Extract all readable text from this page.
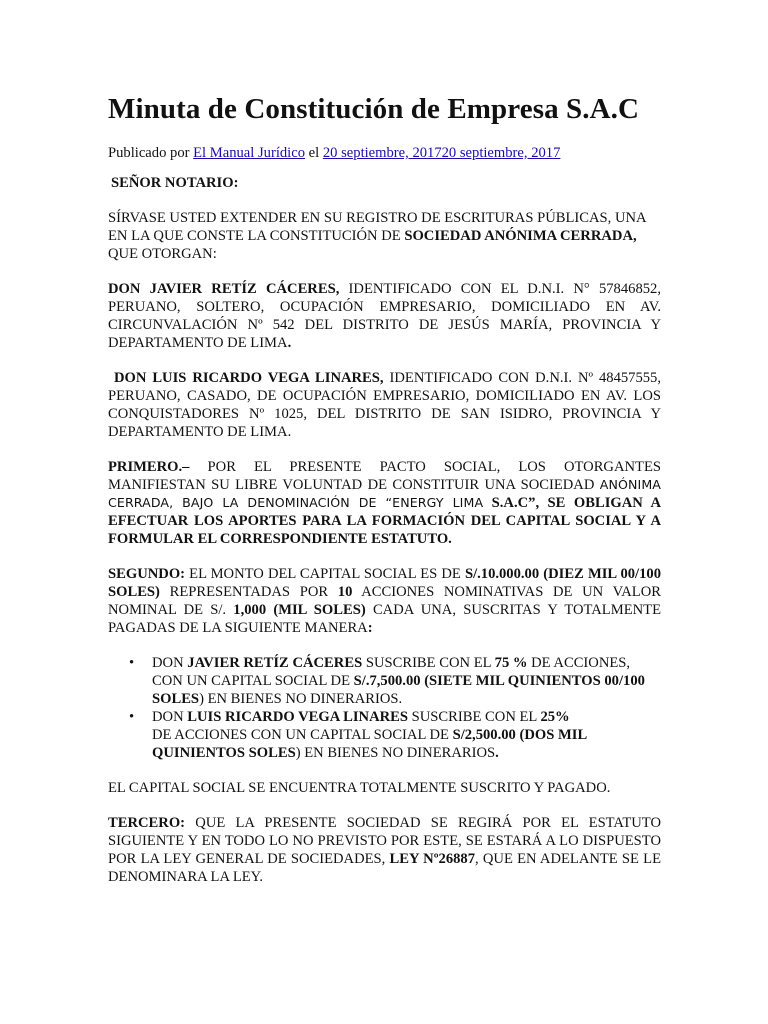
Minuta de Constitución de Empresa S.A.C
Publicado por El Manual Jurídico el 20 septiembre, 201720 septiembre, 2017

SEÑOR NOTARIO:

SÍRVASE USTED EXTENDER EN SU REGISTRO DE ESCRITURAS PÚBLICAS, UNA EN LA QUE CONSTE LA CONSTITUCIÓN DE SOCIEDAD ANÓNIMA CERRADA,
QUE OTORGAN:

DON JAVIER RETÍZ CÁCERES, IDENTIFICADO CON EL D.N.I. N° 57846852, PERUANO, SOLTERO, OCUPACIÓN EMPRESARIO, DOMICILIADO EN AV. CIRCUNVALACIÓN Nº 542 DEL DISTRITO DE JESÚS MARÍA, PROVINCIA Y DEPARTAMENTO DE LIMA.

DON LUIS RICARDO VEGA LINARES, IDENTIFICADO CON D.N.I. Nº 48457555, PERUANO, CASADO, DE OCUPACIÓN EMPRESARIO, DOMICILIADO EN AV. LOS CONQUISTADORES Nº 1025, DEL DISTRITO DE SAN ISIDRO, PROVINCIA Y DEPARTAMENTO DE LIMA.

PRIMERO.– POR EL PRESENTE PACTO SOCIAL, LOS OTORGANTES MANIFIESTAN SU LIBRE VOLUNTAD DE CONSTITUIR UNA SOCIEDAD ANÓNIMA CERRADA, BAJO LA DENOMINACIÓN DE “ENERGY LIMA S.A.C”, SE OBLIGAN A EFECTUAR LOS APORTES PARA LA FORMACIÓN DEL CAPITAL SOCIAL Y A FORMULAR EL CORRESPONDIENTE ESTATUTO.

SEGUNDO: EL MONTO DEL CAPITAL SOCIAL ES DE S/.10.000.00 (DIEZ MIL 00/100 SOLES) REPRESENTADAS POR 10 ACCIONES NOMINATIVAS DE UN VALOR NOMINAL DE S/. 1,000 (MIL SOLES) CADA UNA, SUSCRITAS Y TOTALMENTE PAGADAS DE LA SIGUIENTE MANERA:

• DON JAVIER RETÍZ CÁCERES SUSCRIBE CON EL 75 % DE ACCIONES, CON UN CAPITAL SOCIAL DE S/.7,500.00 (SIETE MIL QUINIENTOS 00/100 SOLES) EN BIENES NO DINERARIOS.
• DON LUIS RICARDO VEGA LINARES SUSCRIBE CON EL 25%
DE ACCIONES CON UN CAPITAL SOCIAL DE S/2,500.00 (DOS MIL QUINIENTOS SOLES) EN BIENES NO DINERARIOS.

EL CAPITAL SOCIAL SE ENCUENTRA TOTALMENTE SUSCRITO Y PAGADO.

TERCERO: QUE LA PRESENTE SOCIEDAD SE REGIRÁ POR EL ESTATUTO SIGUIENTE Y EN TODO LO NO PREVISTO POR ESTE, SE ESTARÁ A LO DISPUESTO POR LA LEY GENERAL DE SOCIEDADES, LEY Nº26887, QUE EN ADELANTE SE LE DENOMINARA LA LEY.
